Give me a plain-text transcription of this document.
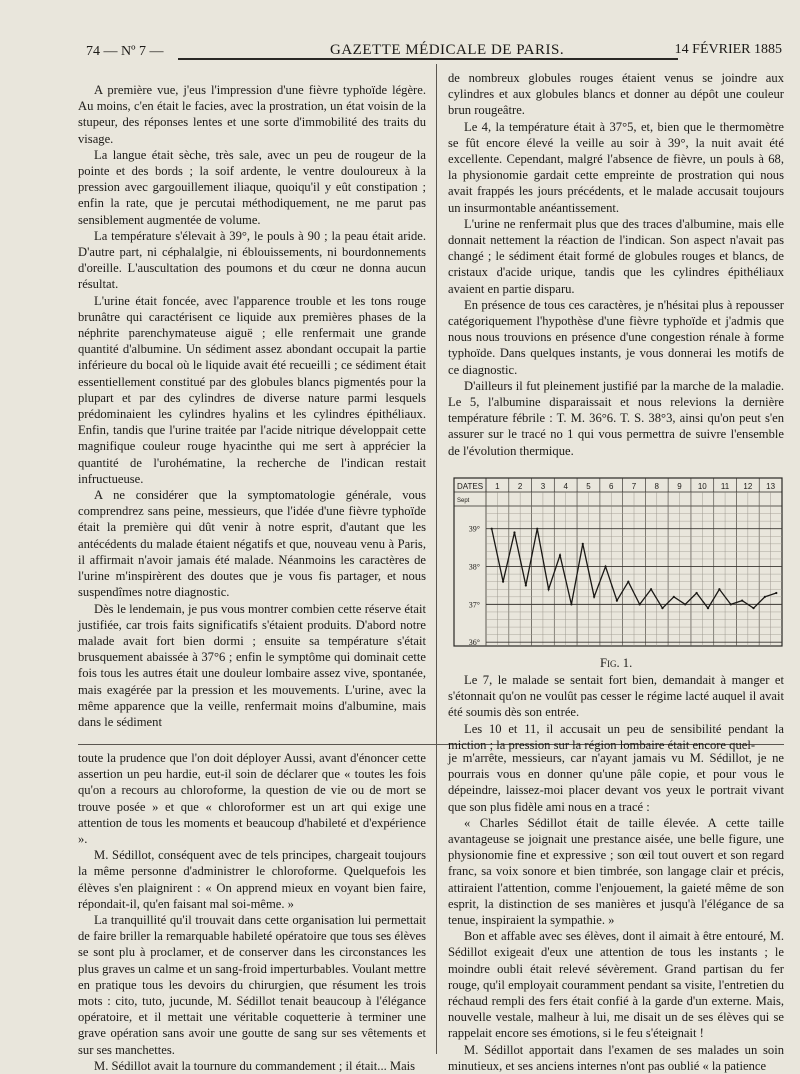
74 — Nº 7 —	GAZETTE MÉDICALE DE PARIS.	14 FÉVRIER 1885

A première vue, j'eus l'impression d'une fièvre typhoïde légère. Au moins, c'en était le facies, avec la prostration, un état voisin de la stupeur, des réponses lentes et une sorte d'immobilité des traits du visage.

La langue était sèche, très sale, avec un peu de rougeur de la pointe et des bords ; la soif ardente, le ventre douloureux à la pression avec gargouillement iliaque, quoiqu'il y eût constipation ; enfin la rate, que je percutai méthodiquement, ne me parut pas sensiblement augmentée de volume.

La température s'élevait à 39°, le pouls à 90 ; la peau était aride. D'autre part, ni céphalalgie, ni éblouissements, ni bourdonnements d'oreille. L'auscultation des poumons et du cœur ne donna aucun résultat.

L'urine était foncée, avec l'apparence trouble et les tons rouge brunâtre qui caractérisent ce liquide aux premières phases de la néphrite parenchymateuse aiguë ; elle renfermait une grande quantité d'albumine. Un sédiment assez abondant occupait la partie inférieure du bocal où le liquide avait été recueilli ; ce sédiment était essentiellement constitué par des globules blancs pigmentés pour la plupart et par des cylindres de diverse nature parmi lesquels prédominaient les cylindres hyalins et les cylindres épithéliaux. Enfin, tandis que l'urine traitée par l'acide nitrique développait cette magnifique couleur rouge hyacinthe qui me sert à apprécier la quantité de l'urohématine, la recherche de l'indican restait infructueuse.

A ne considérer que la symptomatologie générale, vous comprendrez sans peine, messieurs, que l'idée d'une fièvre typhoïde était la première qui dût venir à notre esprit, d'autant que les antécédents du malade étaient négatifs et que, nouveau venu à Paris, il affirmait n'avoir jamais été malade. Néanmoins les caractères de l'urine m'inspirèrent des doutes que je vous fis partager, et nous suspendîmes notre diagnostic.

Dès le lendemain, je pus vous montrer combien cette réserve était justifiée, car trois faits significatifs s'étaient produits. D'abord notre malade avait fort bien dormi ; ensuite sa température s'était brusquement abaissée à 37°6 ; enfin le symptôme qui dominait cette fois tous les autres était une douleur lombaire assez vive, spontanée, mais exagérée par la pression et les mouvements. L'urine, avec la même apparence que la veille, renfermait moins d'albumine, mais dans le sédiment

de nombreux globules rouges étaient venus se joindre aux cylindres et aux globules blancs et donner au dépôt une couleur brun rougeâtre.

Le 4, la température était à 37°5, et, bien que le thermomètre se fût encore élevé la veille au soir à 39°, la nuit avait été excellente. Cependant, malgré l'absence de fièvre, un pouls à 68, la physionomie gardait cette empreinte de prostration qui nous avait frappés les jours précédents, et le malade accusait toujours un insurmontable anéantissement.

L'urine ne renfermait plus que des traces d'albumine, mais elle donnait nettement la réaction de l'indican. Son aspect n'avait pas changé ; le sédiment était formé de globules rouges et blancs, de cristaux d'acide urique, tandis que les cylindres épithéliaux avaient en partie disparu.

En présence de tous ces caractères, je n'hésitai plus à repousser catégoriquement l'hypothèse d'une fièvre typhoïde et j'admis que nous nous trouvions en présence d'une congestion rénale à forme typhoïde. Dans quelques instants, je vous donnerai les motifs de ce diagnostic.

D'ailleurs il fut pleinement justifié par la marche de la maladie. Le 5, l'albumine disparaissait et nous relevions la dernière température fébrile : T. M. 36°6. T. S. 38°3, ainsi qu'on peut s'en assurer sur le tracé no 1 qui vous permettra de suivre l'ensemble de l'évolution thermique.

DATES
Sept
1 2 3 4 5 6 7 8 9 10 11 12 13
36°
37°
38°
39°
Fig. 1.

Le 7, le malade se sentait fort bien, demandait à manger et s'étonnait qu'on ne voulût pas cesser le régime lacté auquel il avait été soumis dès son entrée.

Les 10 et 11, il accusait un peu de sensibilité pendant la miction ; la pression sur la région lombaire était encore quel-

toute la prudence que l'on doit déployer Aussi, avant d'énoncer cette assertion un peu hardie, eut-il soin de déclarer que « toutes les fois qu'on a recours au chloroforme, la question de vie ou de mort se trouve posée » et que « chloroformer est un art qui exige une attention de tous les moments et beaucoup d'habileté et d'expérience ».

M. Sédillot, conséquent avec de tels principes, chargeait toujours la même personne d'administrer le chloroforme. Quelquefois les élèves s'en plaignirent : « On apprend mieux en voyant bien faire, répondait-il, qu'en faisant mal soi-même. »

La tranquillité qu'il trouvait dans cette organisation lui permettait de faire briller la remarquable habileté opératoire que tous ses élèves se sont plu à proclamer, et de conserver dans les circonstances les plus graves un calme et un sang-froid imperturbables. Voulant mettre en pratique tous les devoirs du chirurgien, que résument les trois mots : cito, tuto, jucunde, M. Sédillot tenait beaucoup à l'élégance opératoire, et il mettait une véritable coquetterie à terminer une grave opération sans avoir une goutte de sang sur ses vêtements et sur ses manchettes.

M. Sédillot avait la tournure du commandement ; il était... Mais

je m'arrête, messieurs, car n'ayant jamais vu M. Sédillot, je ne pourrais vous en donner qu'une pâle copie, et pour vous le dépeindre, laissez-moi placer devant vos yeux le portrait vivant que son plus fidèle ami nous en a tracé :

« Charles Sédillot était de taille élevée. A cette taille avantageuse se joignait une prestance aisée, une belle figure, une physionomie fine et expressive ; son œil tout ouvert et son regard franc, sa voix sonore et bien timbrée, son langage clair et précis, attiraient l'attention, comme l'enjouement, la gaieté même de son esprit, la distinction de ses manières et jusqu'à l'élégance de sa tenue, inspiraient la sympathie. »

Bon et affable avec ses élèves, dont il aimait à être entouré, M. Sédillot exigeait d'eux une attention de tous les instants ; le moindre oubli était relevé sévèrement. Grand partisan du fer rouge, qu'il employait couramment pendant sa visite, l'entretien du réchaud rempli des fers était confié à la garde d'un externe. Mais, nouvelle vestale, malheur à lui, me disait un de ses élèves qui se rappelait encore ses émotions, si le feu s'éteignait !

M. Sédillot apportait dans l'examen de ses malades un soin minutieux, et ses anciens internes n'ont pas oublié « la patience
